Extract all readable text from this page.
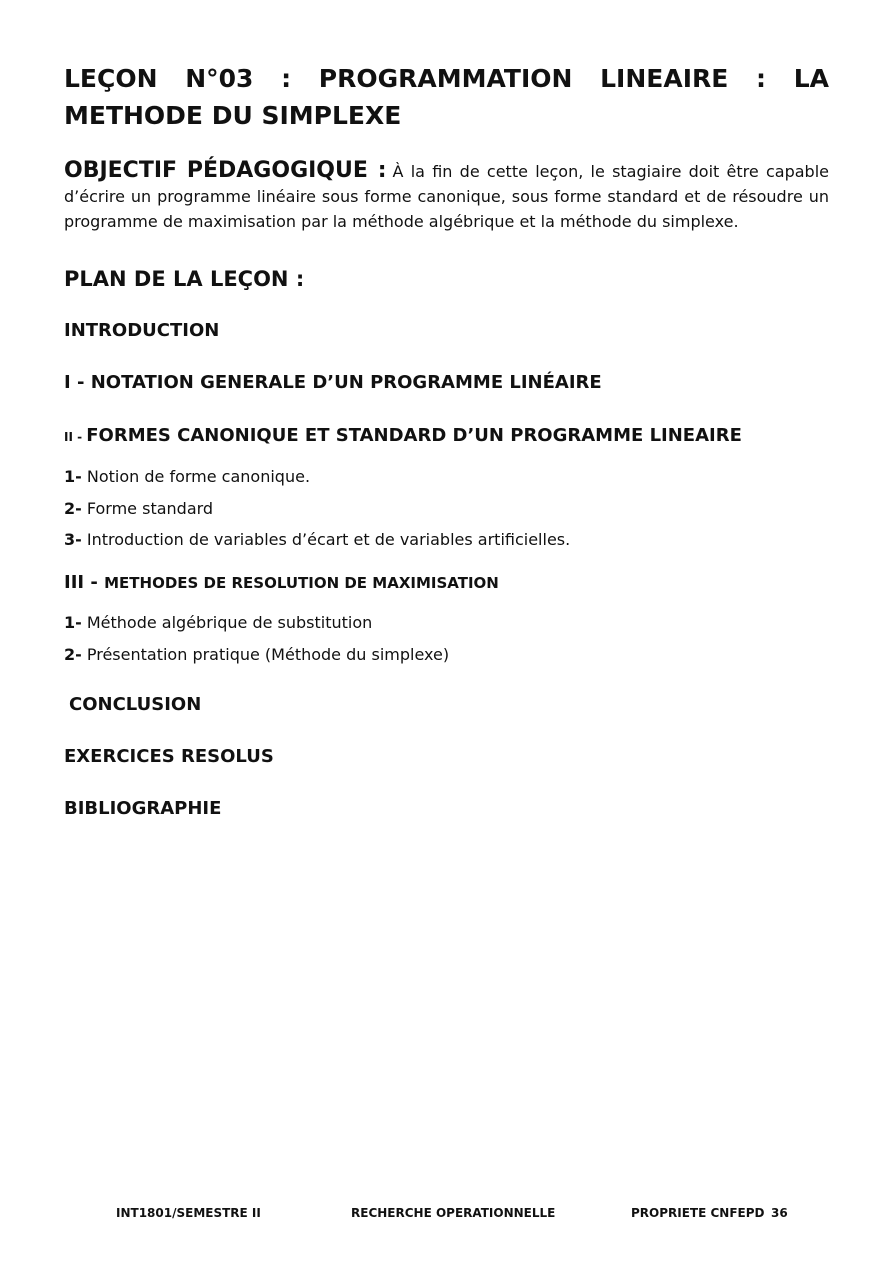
LEÇON N°03 : PROGRAMMATION LINEAIRE : LA METHODE DU SIMPLEXE

OBJECTIF PÉDAGOGIQUE : À la fin de cette leçon, le stagiaire doit être capable d’écrire un programme linéaire sous forme canonique, sous forme standard et de résoudre un programme de maximisation par la méthode algébrique et la méthode du simplexe.

PLAN DE LA LEÇON :
INTRODUCTION
I - NOTATION GENERALE D’UN PROGRAMME LINÉAIRE
II - FORMES CANONIQUE ET STANDARD D’UN PROGRAMME LINEAIRE

1- Notion de forme canonique.

2- Forme standard

3- Introduction de variables d’écart et de variables artificielles.

III - METHODES DE RESOLUTION DE MAXIMISATION

1- Méthode algébrique de substitution

2- Présentation pratique (Méthode du simplexe)

CONCLUSION
EXERCICES RESOLUS
BIBLIOGRAPHIE
INT1801/SEMESTRE II	RECHERCHE OPERATIONNELLE	PROPRIETE CNFEPD 36
